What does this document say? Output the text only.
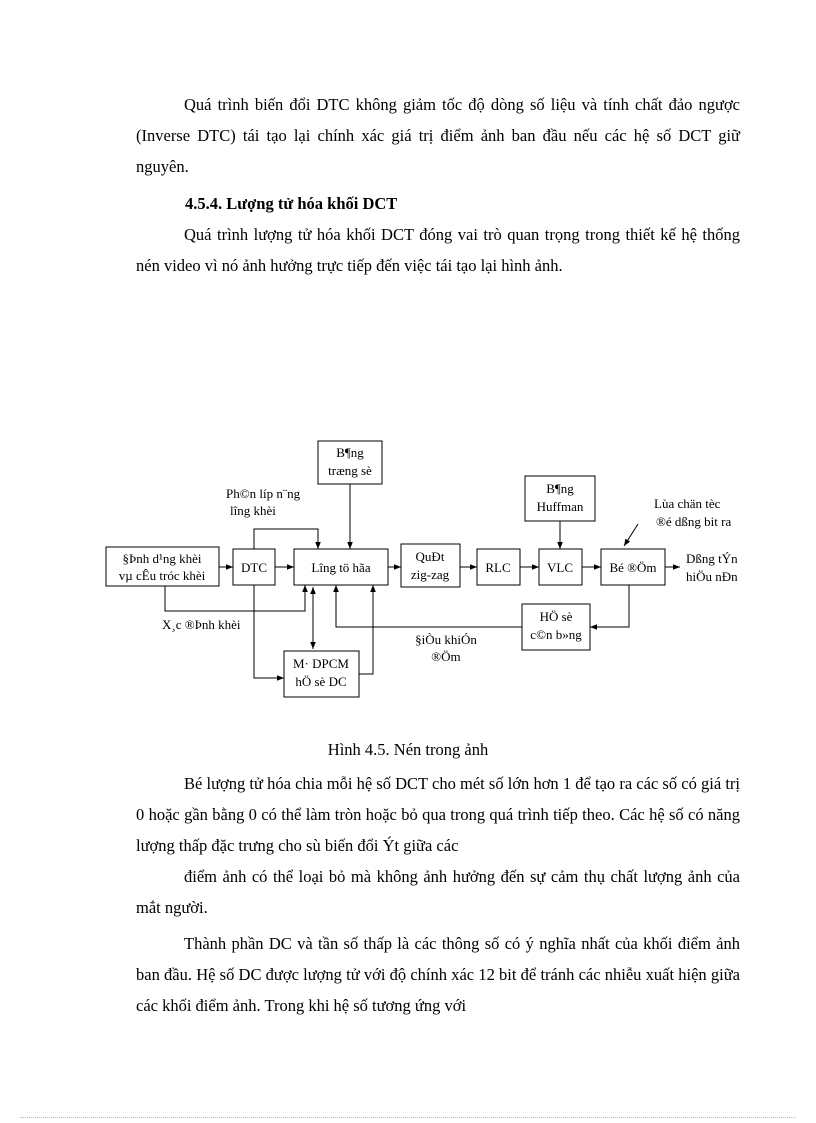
Quá trình biến đổi DTC không giảm tốc độ dòng số liệu và tính chất đảo ngược (Inverse DTC) tái tạo lại chính xác giá trị điểm ảnh ban đầu nếu các hệ số DCT giữ nguyên.

4.5.4. Lượng tử hóa khối DCT

Quá trình lượng tử hóa khối DCT đóng vai trò quan trọng trong thiết kế hệ thống nén video vì nó ảnh hưởng trực tiếp đến việc tái tạo lại hình ảnh.

§Þnh d¹ng khèi
vµ cÊu tróc khèi
DTC	Lîng tö hãa
QuÐt
zig-zag	RLC	VLC	Bé ®Öm
B¶ng
træng sè
B¶ng
Huffman
HÖ sè
c©n b»ng
M· DPCM
hÖ sè DC
Ph©n líp n¨ng
lîng khèi	Lùa chän tèc
®é dßng bit ra
Dßng tÝn
hiÖu nÐn
X¸c ®Þnh khèi
§iÒu khiÓn
®Öm

Hình 4.5. Nén trong ảnh

Bé lượng tử hóa chia mỗi hệ số DCT cho mét số lớn hơn 1 để tạo ra các số có giá trị 0 hoặc gần bằng 0 có thể làm tròn hoặc bỏ qua trong quá trình tiếp theo. Các hệ số có năng lượng thấp đặc trưng cho sù biến đổi Ýt giữa các

điểm ảnh có thể loại bỏ mà không ảnh hưởng đến sự cảm thụ chất lượng ảnh của mắt người.

Thành phần DC và tần số thấp là các thông số có ý nghĩa nhất của khối điểm ảnh ban đầu. Hệ số DC được lượng tử với độ chính xác 12 bit để tránh các nhiễu xuất hiện giữa các khối điểm ảnh. Trong khi hệ số tương ứng với
